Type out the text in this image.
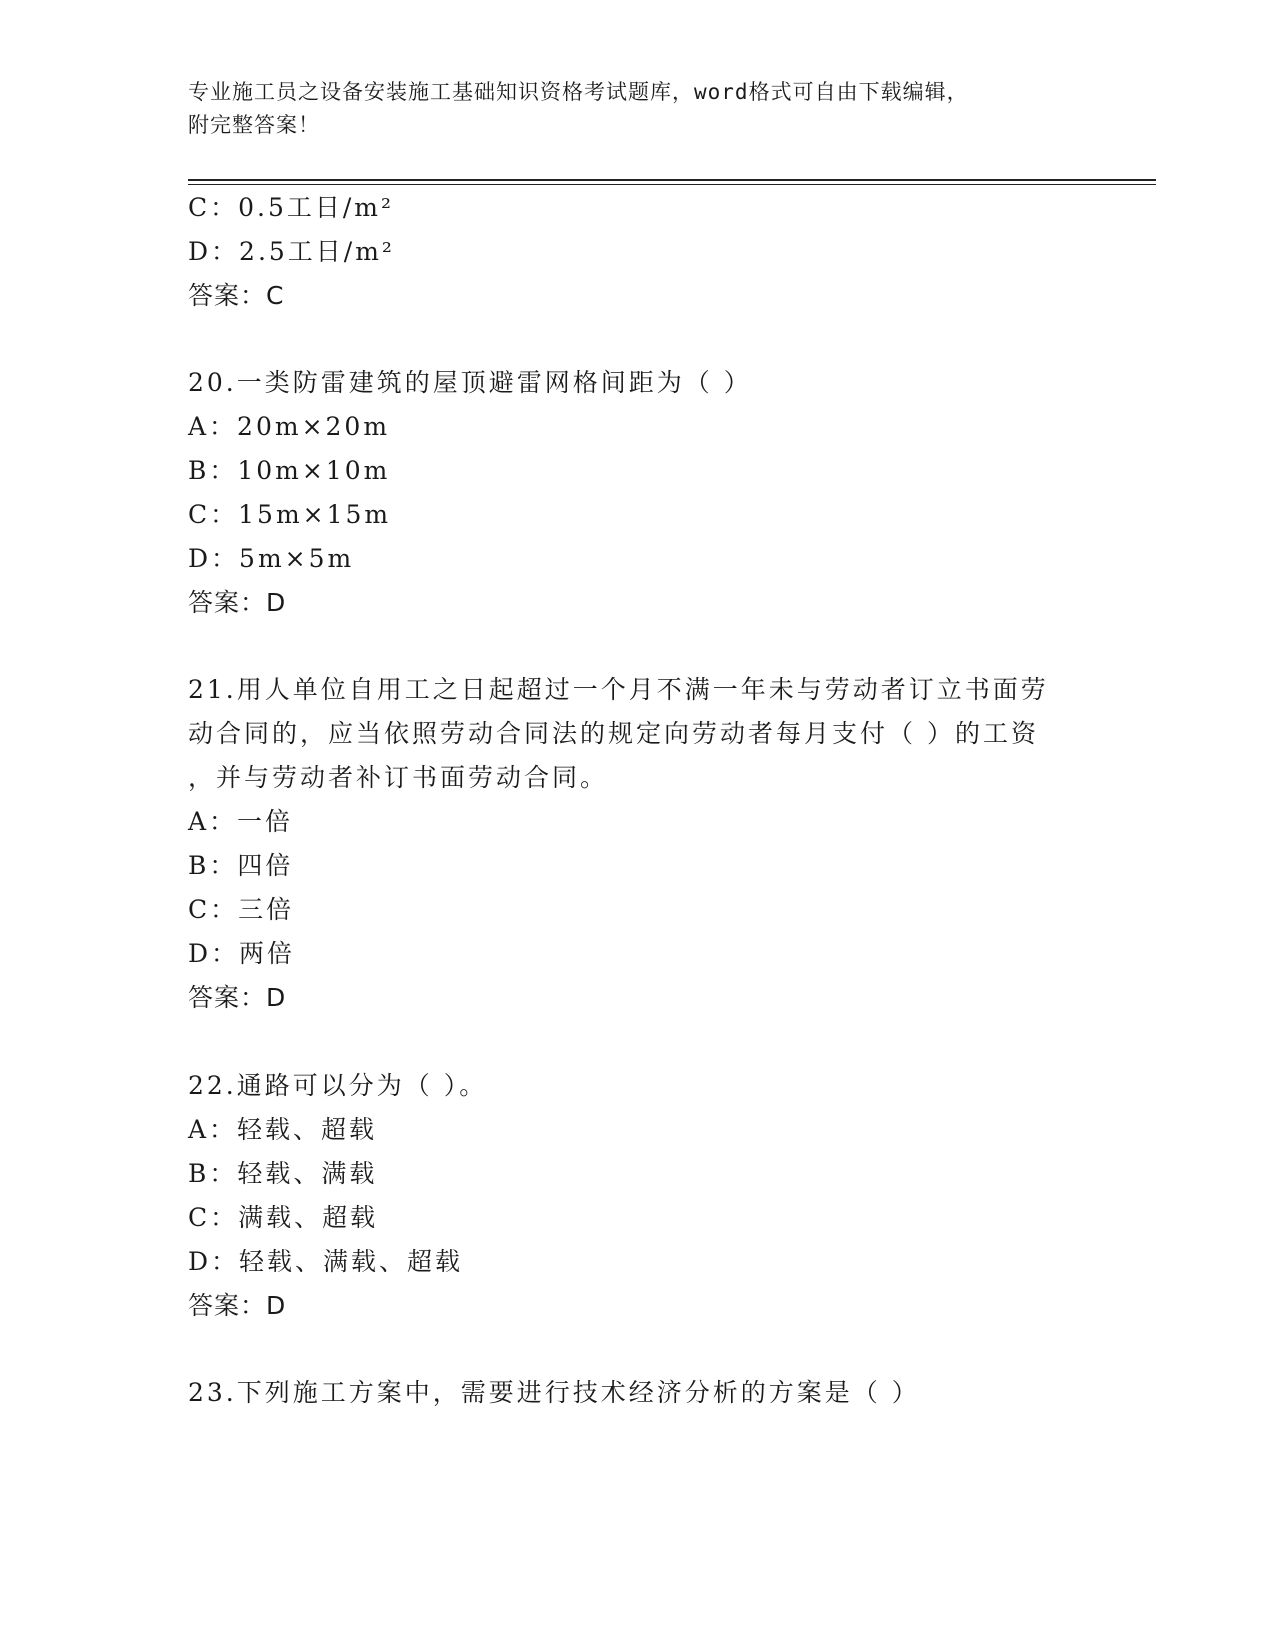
专业施工员之设备安装施工基础知识资格考试题库，word格式可自由下载编辑，
附完整答案！
C：0.5工日/m²
D：2.5工日/m²
答案：C
20.一类防雷建筑的屋顶避雷网格间距为（ ）
A：20m×20m
B：10m×10m
C：15m×15m
D：5m×5m
答案：D
21.用人单位自用工之日起超过一个月不满一年未与劳动者订立书面劳
动合同的，应当依照劳动合同法的规定向劳动者每月支付（ ）的工资
，并与劳动者补订书面劳动合同。
A：一倍
B：四倍
C：三倍
D：两倍
答案：D
22.通路可以分为（ ）。
A：轻载、超载
B：轻载、满载
C：满载、超载
D：轻载、满载、超载
答案：D
23.下列施工方案中，需要进行技术经济分析的方案是（ ）
